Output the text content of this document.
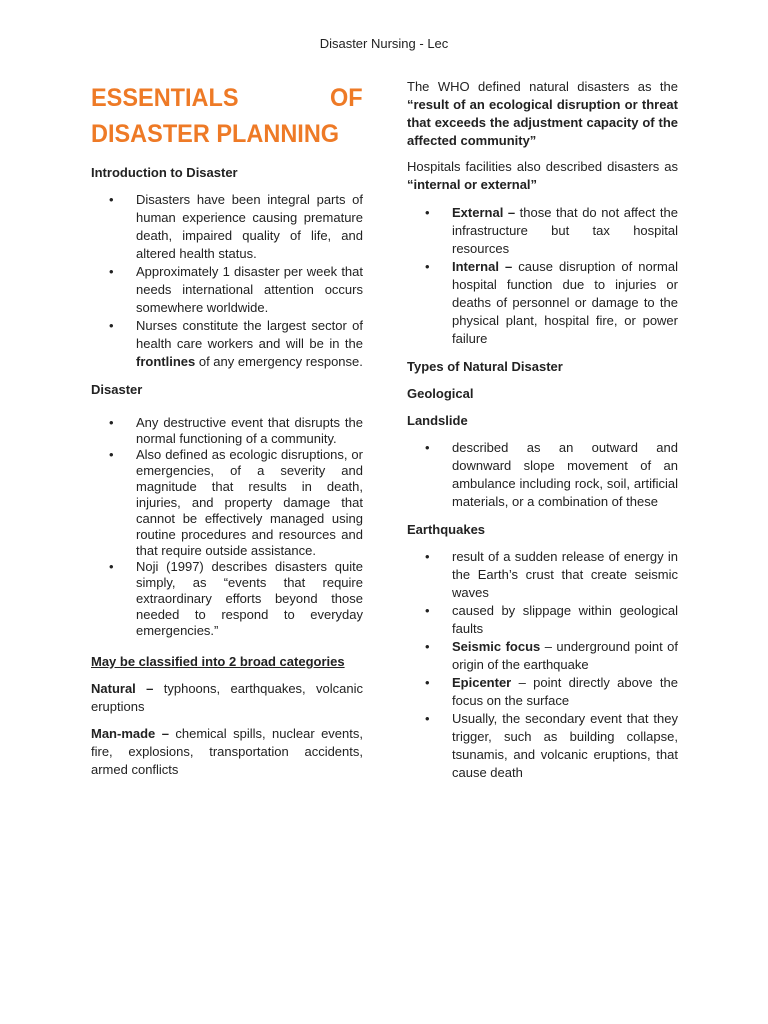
Disaster Nursing - Lec
ESSENTIALS	OF
DISASTER PLANNING
Introduction to Disaster
• Disasters have been integral parts of human experience causing premature death, impaired quality of life, and altered health status.
• Approximately 1 disaster per week that needs international attention occurs somewhere worldwide.
• Nurses constitute the largest sector of health care workers and will be in the frontlines of any emergency response.
Disaster
• Any destructive event that disrupts the normal functioning of a community.
• Also defined as ecologic disruptions, or emergencies, of a severity and magnitude that results in death, injuries, and property damage that cannot be effectively managed using routine procedures and resources and that require outside assistance.
• Noji (1997) describes disasters quite simply, as “events that require extraordinary efforts beyond those needed to respond to everyday emergencies.”
May be classified into 2 broad categories

Natural – typhoons, earthquakes, volcanic eruptions

Man-made – chemical spills, nuclear events, fire, explosions, transportation accidents, armed conflicts

The WHO defined natural disasters as the “result of an ecological disruption or threat that exceeds the adjustment capacity of the affected community”

Hospitals facilities also described disasters as “internal or external”

• External – those that do not affect the infrastructure but tax hospital resources
• Internal – cause disruption of normal hospital function due to injuries or deaths of personnel or damage to the physical plant, hospital fire, or power failure
Types of Natural Disaster
Geological
Landslide
• described as an outward and downward slope movement of an ambulance including rock, soil, artificial materials, or a combination of these
Earthquakes
• result of a sudden release of energy in the Earth’s crust that create seismic waves
• caused by slippage within geological faults
• Seismic focus – underground point of origin of the earthquake
• Epicenter – point directly above the focus on the surface
• Usually, the secondary event that they trigger, such as building collapse, tsunamis, and volcanic eruptions, that cause death
